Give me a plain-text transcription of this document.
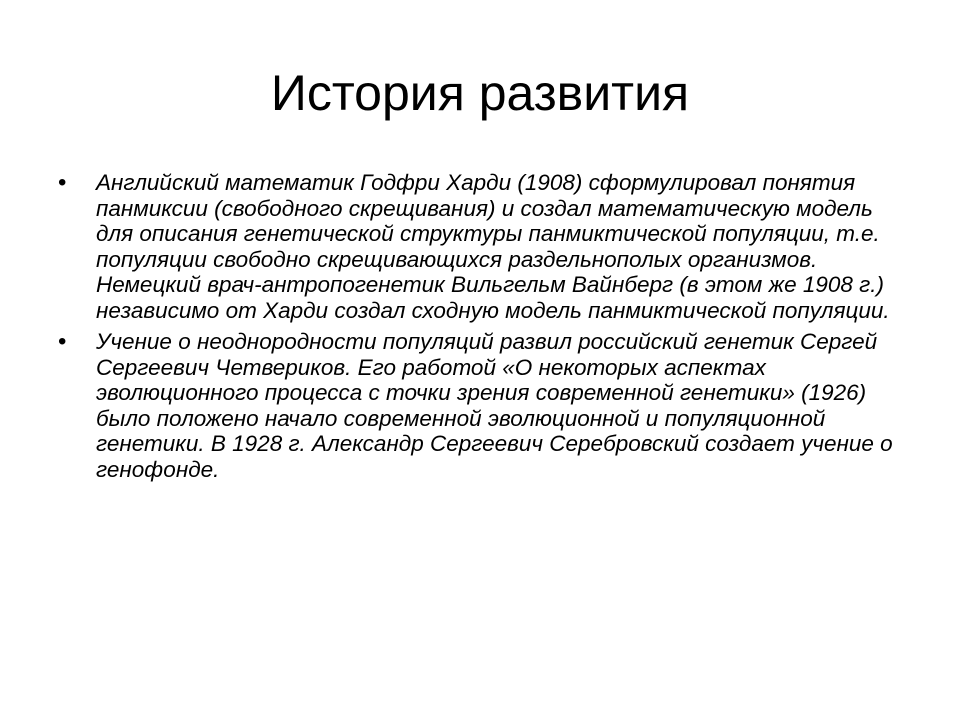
История развития
• Английский математик Годфри Харди (1908) сформулировал понятия панмиксии (свободного скрещивания) и создал математическую модель для описания генетической структуры панмиктической популяции, т.е. популяции свободно скрещивающихся раздельнополых организмов. Немецкий врач-антропогенетик Вильгельм Вайнберг (в этом же 1908 г.) независимо от Харди создал сходную модель панмиктической популяции.
• Учение о неоднородности популяций развил российский генетик Сергей Сергеевич Четвериков. Его работой «О некоторых аспектах эволюционного процесса с точки зрения современной генетики» (1926) было положено начало современной эволюционной и популяционной генетики. В 1928 г. Александр Сергеевич Серебровский создает учение о генофонде.
